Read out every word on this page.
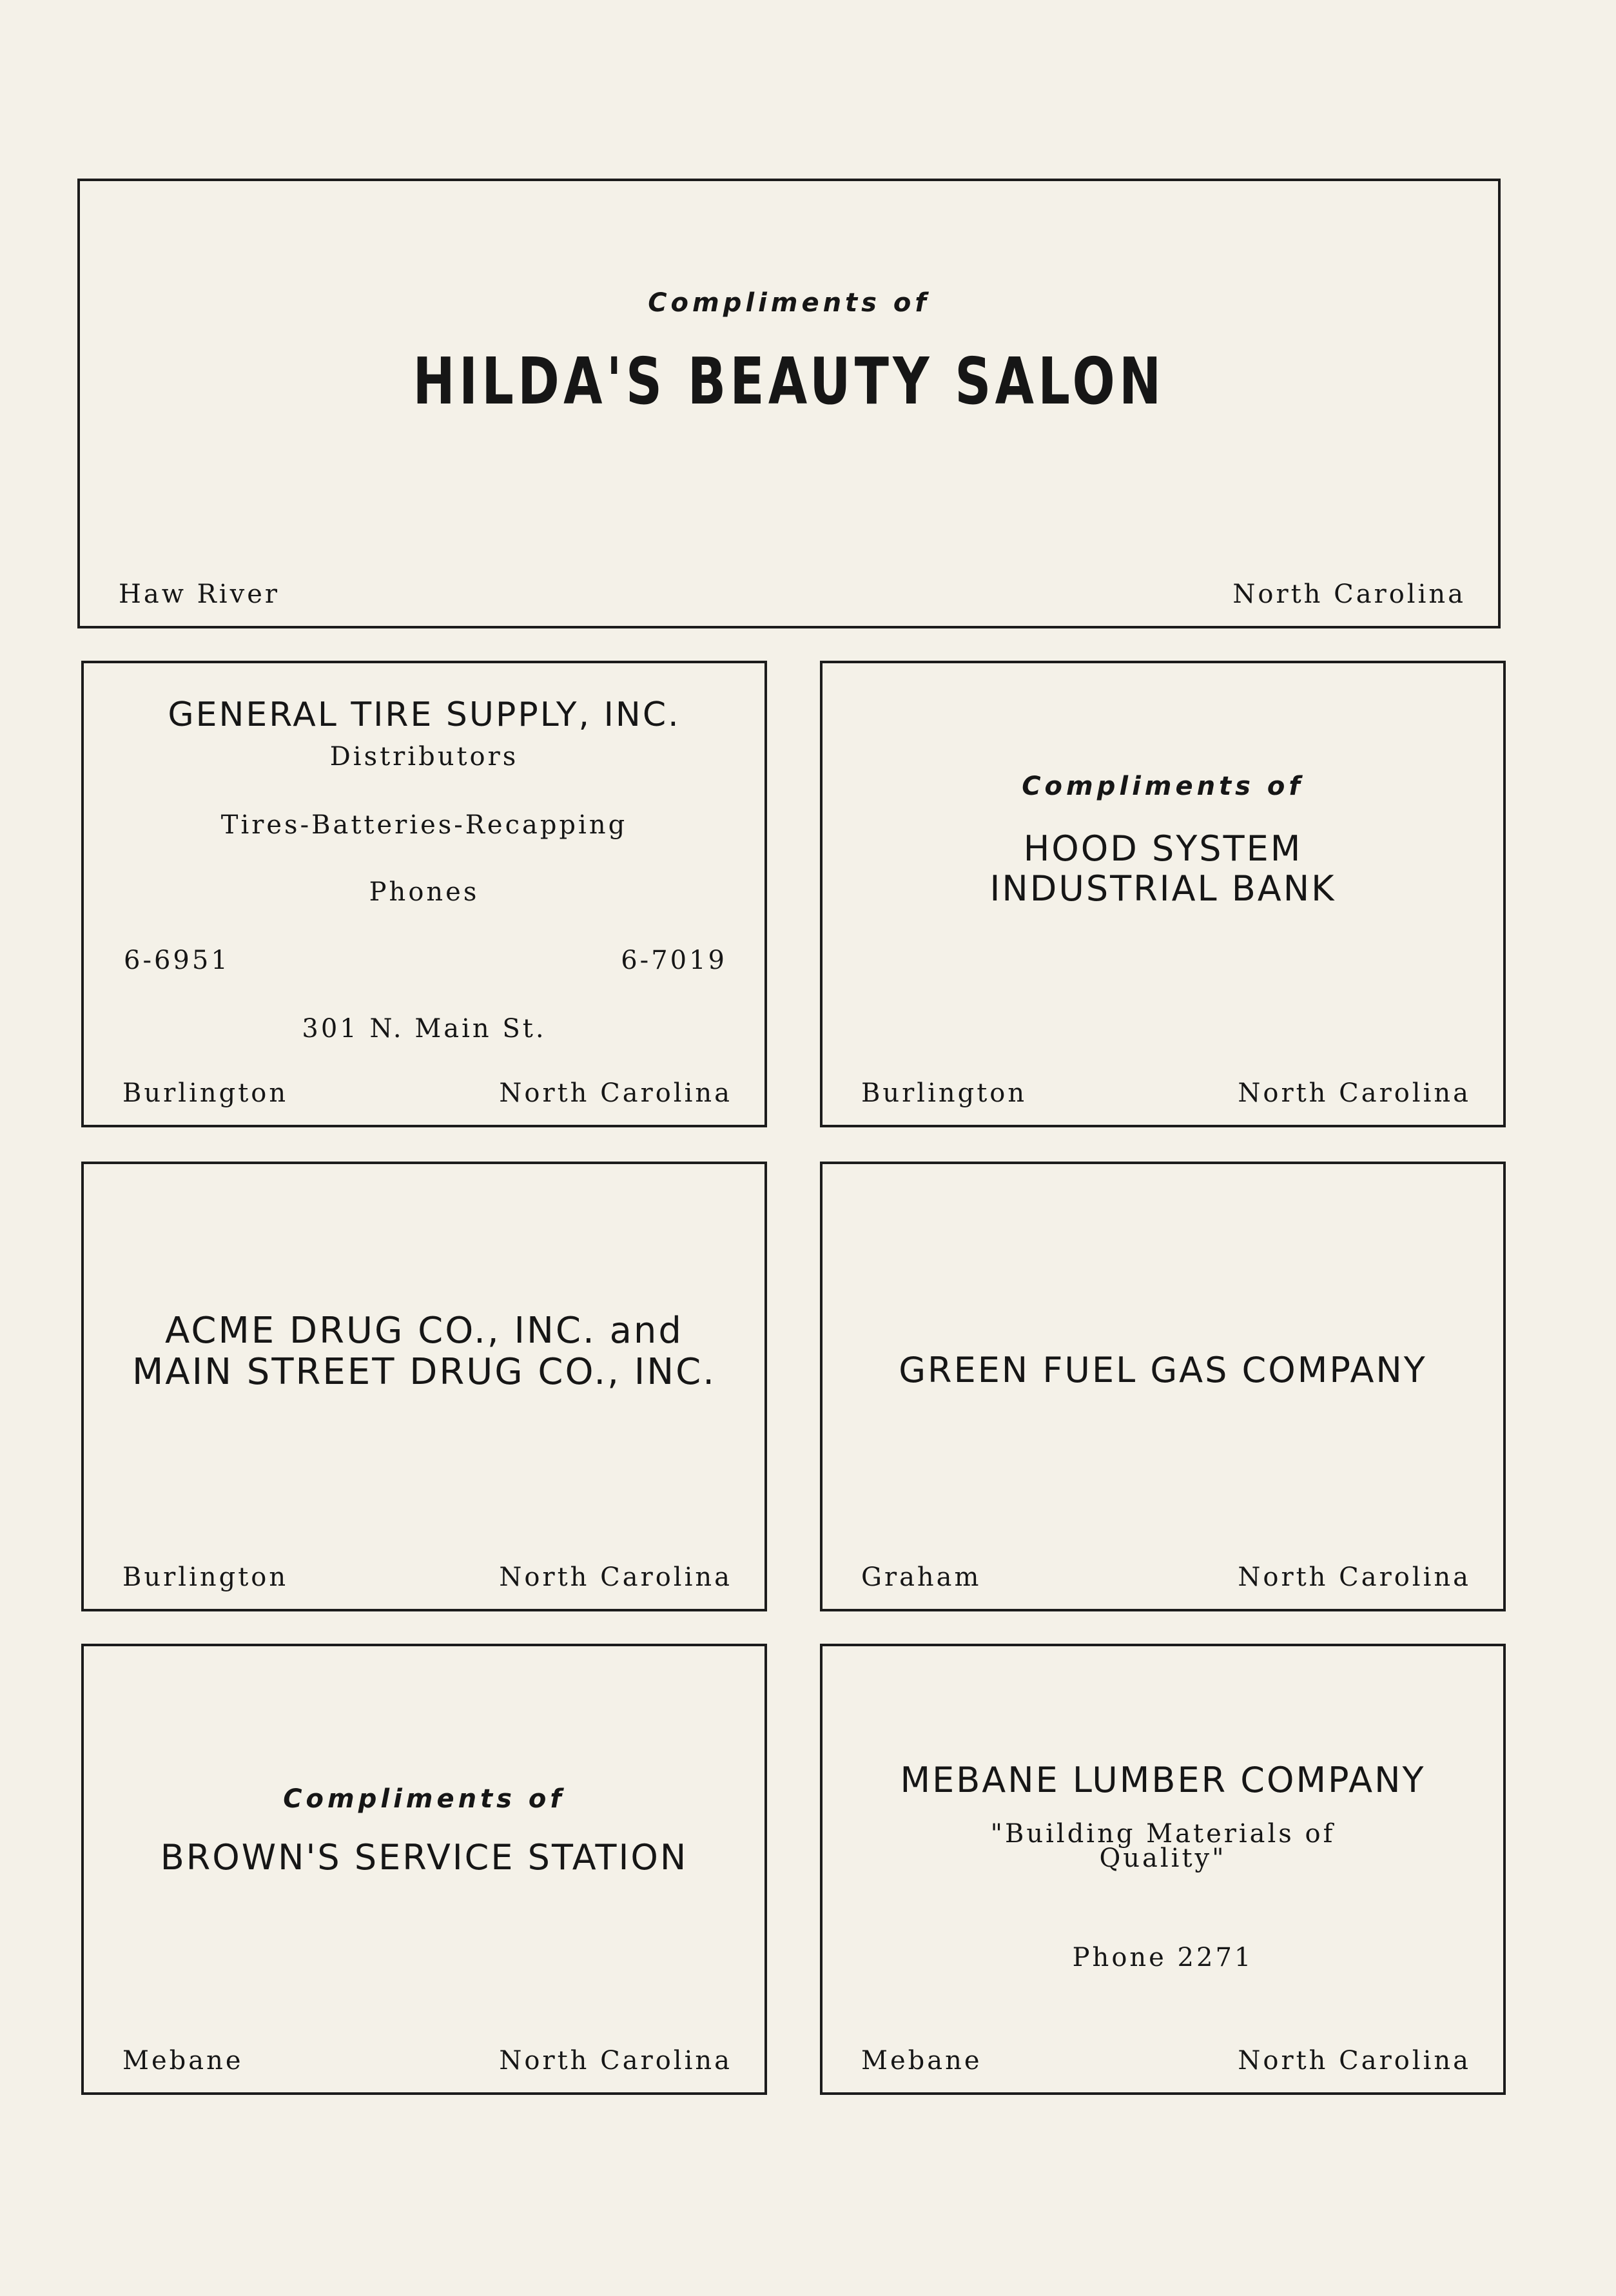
Compliments of
HILDA'S BEAUTY SALON
Haw River	North Carolina
GENERAL TIRE SUPPLY, INC.
Distributors
Tires-Batteries-Recapping
Phones
6-6951	6-7019
301 N. Main St.
Burlington	North Carolina
Compliments of
HOOD SYSTEM
INDUSTRIAL BANK
Burlington	North Carolina
ACME DRUG CO., INC. and
MAIN STREET DRUG CO., INC.
Burlington	North Carolina
GREEN FUEL GAS COMPANY
Graham	North Carolina
Compliments of
BROWN'S SERVICE STATION
Mebane	North Carolina
MEBANE LUMBER COMPANY
"Building Materials of
Quality"
Phone 2271
Mebane	North Carolina
